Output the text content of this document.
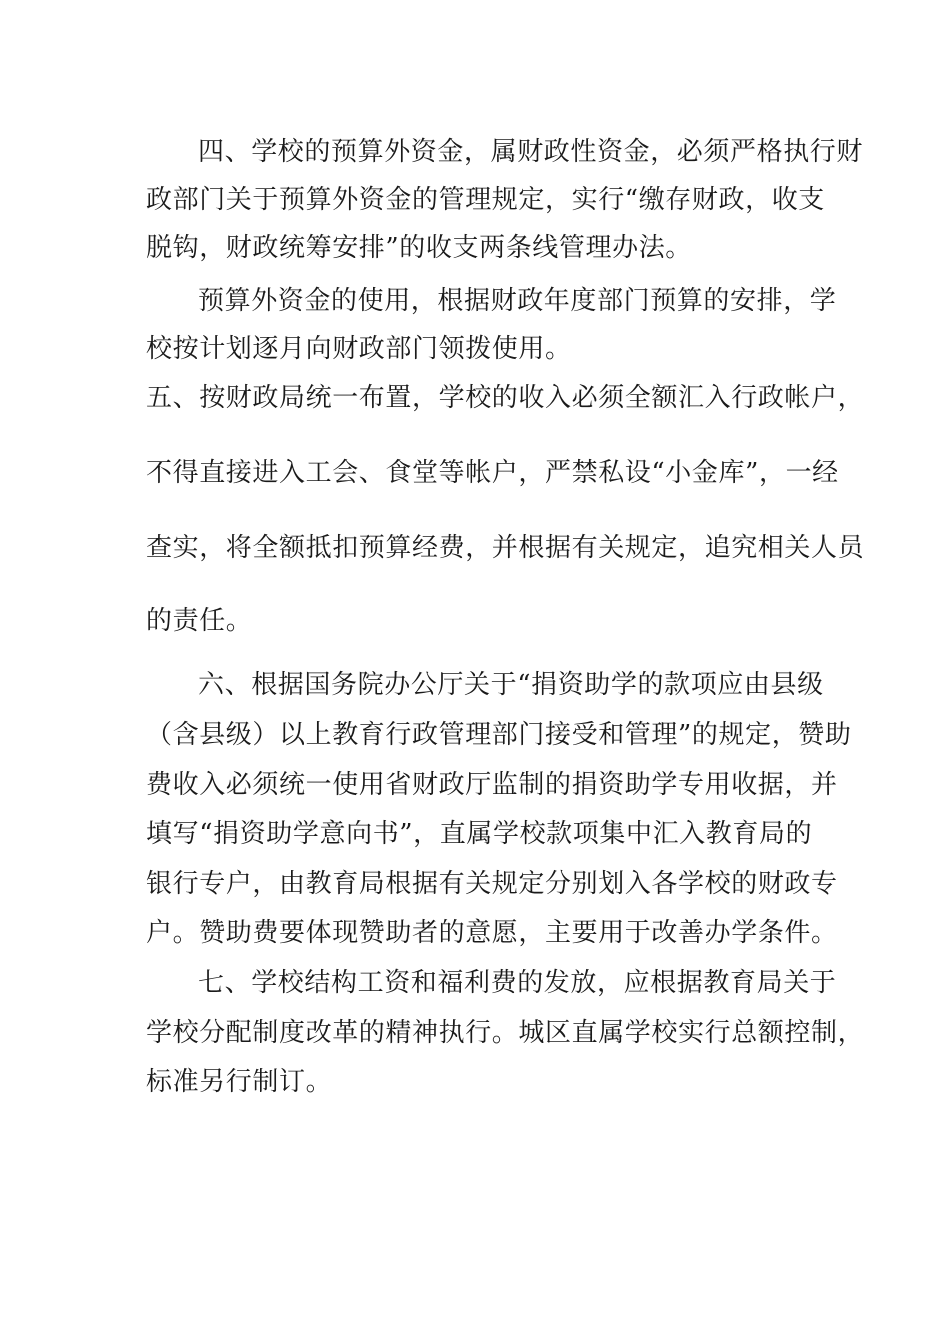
四、学校的预算外资金，属财政性资金，必须严格执行财
政部门关于预算外资金的管理规定，实行“缴存财政，收支
脱钩，财政统筹安排”的收支两条线管理办法。
预算外资金的使用，根据财政年度部门预算的安排，学
校按计划逐月向财政部门领拨使用。
五、按财政局统一布置，学校的收入必须全额汇入行政帐户，
不得直接进入工会、食堂等帐户，严禁私设“小金库”，一经
查实，将全额抵扣预算经费，并根据有关规定，追究相关人员
的责任。
六、根据国务院办公厅关于“捐资助学的款项应由县级
（含县级）以上教育行政管理部门接受和管理”的规定，赞助
费收入必须统一使用省财政厅监制的捐资助学专用收据，并
填写“捐资助学意向书”，直属学校款项集中汇入教育局的
银行专户，由教育局根据有关规定分别划入各学校的财政专
户。赞助费要体现赞助者的意愿，主要用于改善办学条件。
七、学校结构工资和福利费的发放，应根据教育局关于
学校分配制度改革的精神执行。城区直属学校实行总额控制，
标准另行制订。
